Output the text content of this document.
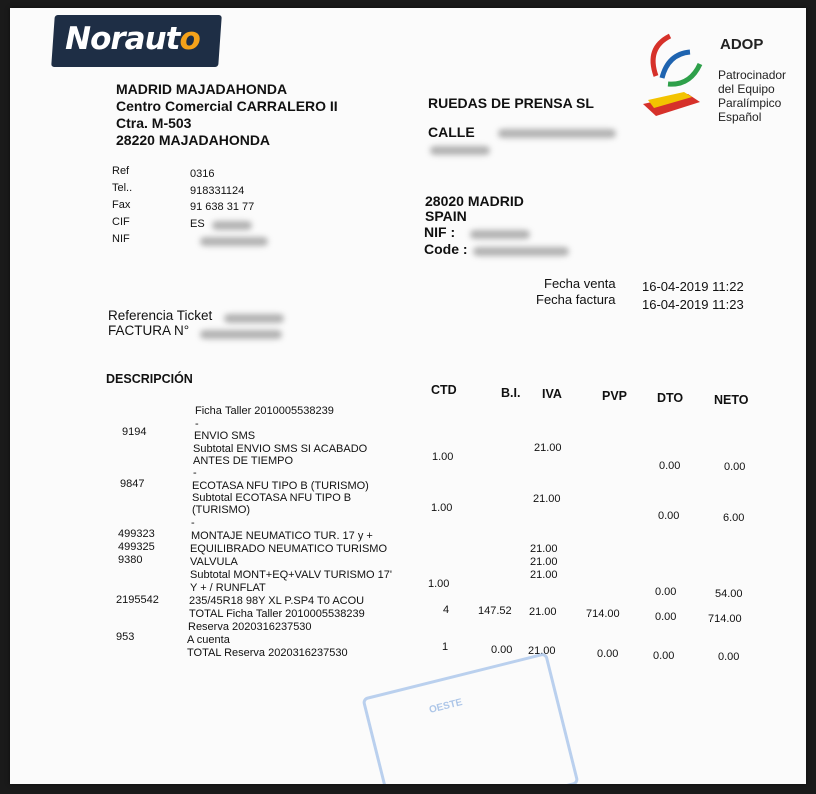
Norauto
MADRID MAJADAHONDA
Centro Comercial CARRALERO II
Ctra. M-503
28220 MAJADAHONDA
Ref
Tel..
Fax
CIF
NIF
0316
918331124
91 638 31 77
ES
RUEDAS DE PRENSA SL
CALLE
28020 MADRID
SPAIN
NIF :
Code :
ADOP
Patrocinador
del Equipo
Paralímpico
Español
Fecha venta 16-04-2019 11:22
Fecha factura 16-04-2019 11:23
Referencia Ticket
FACTURA N°
DESCRIPCIÓN
CTD	B.I. IVA	PVP DTO NETO
Fichа Taller 2010005538239
-
ENVIO SMS
Subtotal ENVIO SMS SI ACABADO
ANTES DE TIEMPO
-
ECOTASA NFU TIPO B (TURISMO)
Subtotal ECOTASA NFU TIPO B
(TURISMO)
-
MONTAJE NEUMATICO TUR. 17 y +
EQUILIBRADO NEUMATICO TURISMO
VALVULA
Subtotal MONT+EQ+VALV TURISMO 17'
Y + / RUNFLAT
235/45R18 98Y XL P.SP4 T0 ACOU
TOTAL Ficha Taller 2010005538239
Reserva 2020316237530
A cuenta
TOTAL Reserva 2020316237530
9194
9847
499323
499325
9380
2195542
953
1.00
1.00
1.00
4
1
147.52
0.00
21.00
21.00
21.00
21.00
21.00
21.00
21.00
714.00
0.00
0.00
0.00
0.00
0.00
0.00
0.00
6.00
54.00
714.00
0.00
OESTE
